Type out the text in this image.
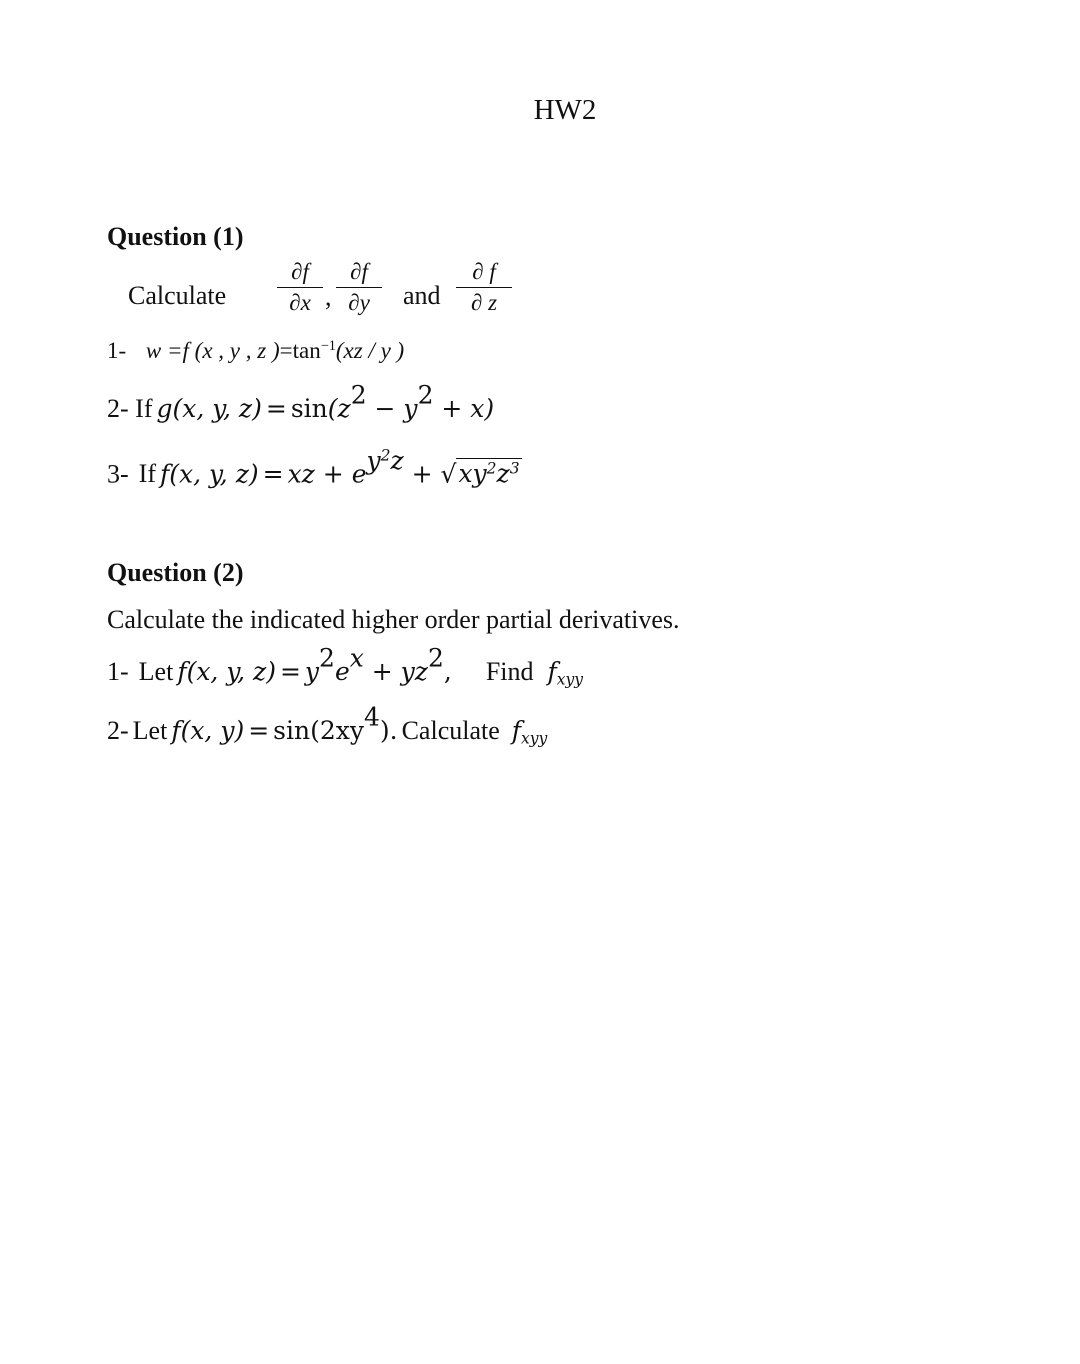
HW2
Question (1)
Calculate
∂f
∂x ,
∂f
∂y	and
∂ f
∂ z
1- w =f (x , y , z )$=\tan^{-1}(xz / y$ )
2- If g(x, y, $z) = \sin(z^2 - y^2 + x)$
3- If f(x, y, z) = xz + $e^{y^2z} + √xy^2z^3$
Question (2)
Calculate the indicated higher order partial derivatives.
1- Let f(x, y, $z) = y^2e^x + yz^2$, Find $f_{xyy}$
2- Let f(x, $y) = \sin(2xy^4)$. Calculate $f_{xyy}$
